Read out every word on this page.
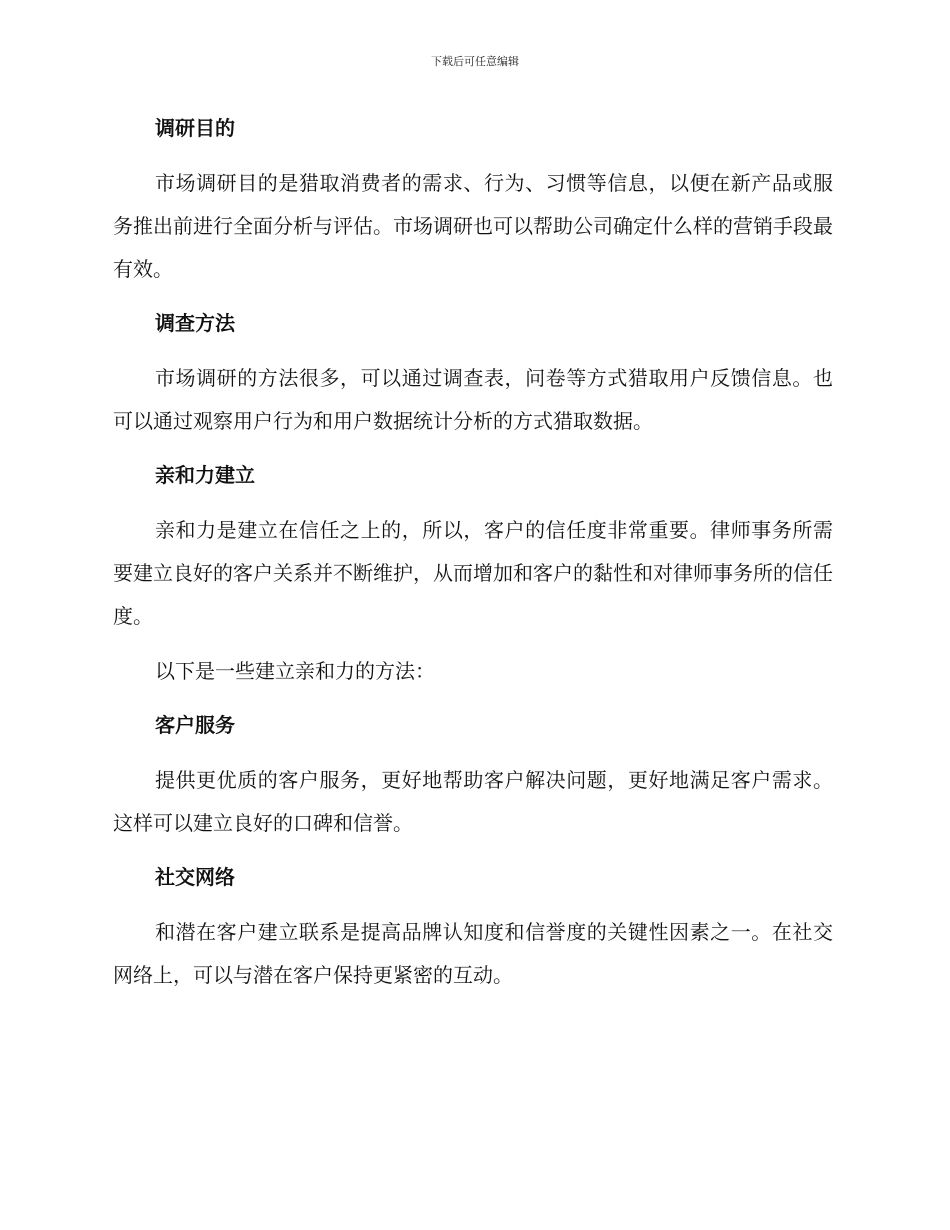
下载后可任意编辑
调研目的

市场调研目的是猎取消费者的需求、行为、习惯等信息，以便在新产品或服务推出前进行全面分析与评估。市场调研也可以帮助公司确定什么样的营销手段最有效。

调查方法

市场调研的方法很多，可以通过调查表，问卷等方式猎取用户反馈信息。也可以通过观察用户行为和用户数据统计分析的方式猎取数据。

亲和力建立

亲和力是建立在信任之上的，所以，客户的信任度非常重要。律师事务所需要建立良好的客户关系并不断维护，从而增加和客户的黏性和对律师事务所的信任度。

以下是一些建立亲和力的方法：

客户服务

提供更优质的客户服务，更好地帮助客户解决问题，更好地满足客户需求。这样可以建立良好的口碑和信誉。

社交网络

和潜在客户建立联系是提高品牌认知度和信誉度的关键性因素之一。在社交网络上，可以与潜在客户保持更紧密的互动。
